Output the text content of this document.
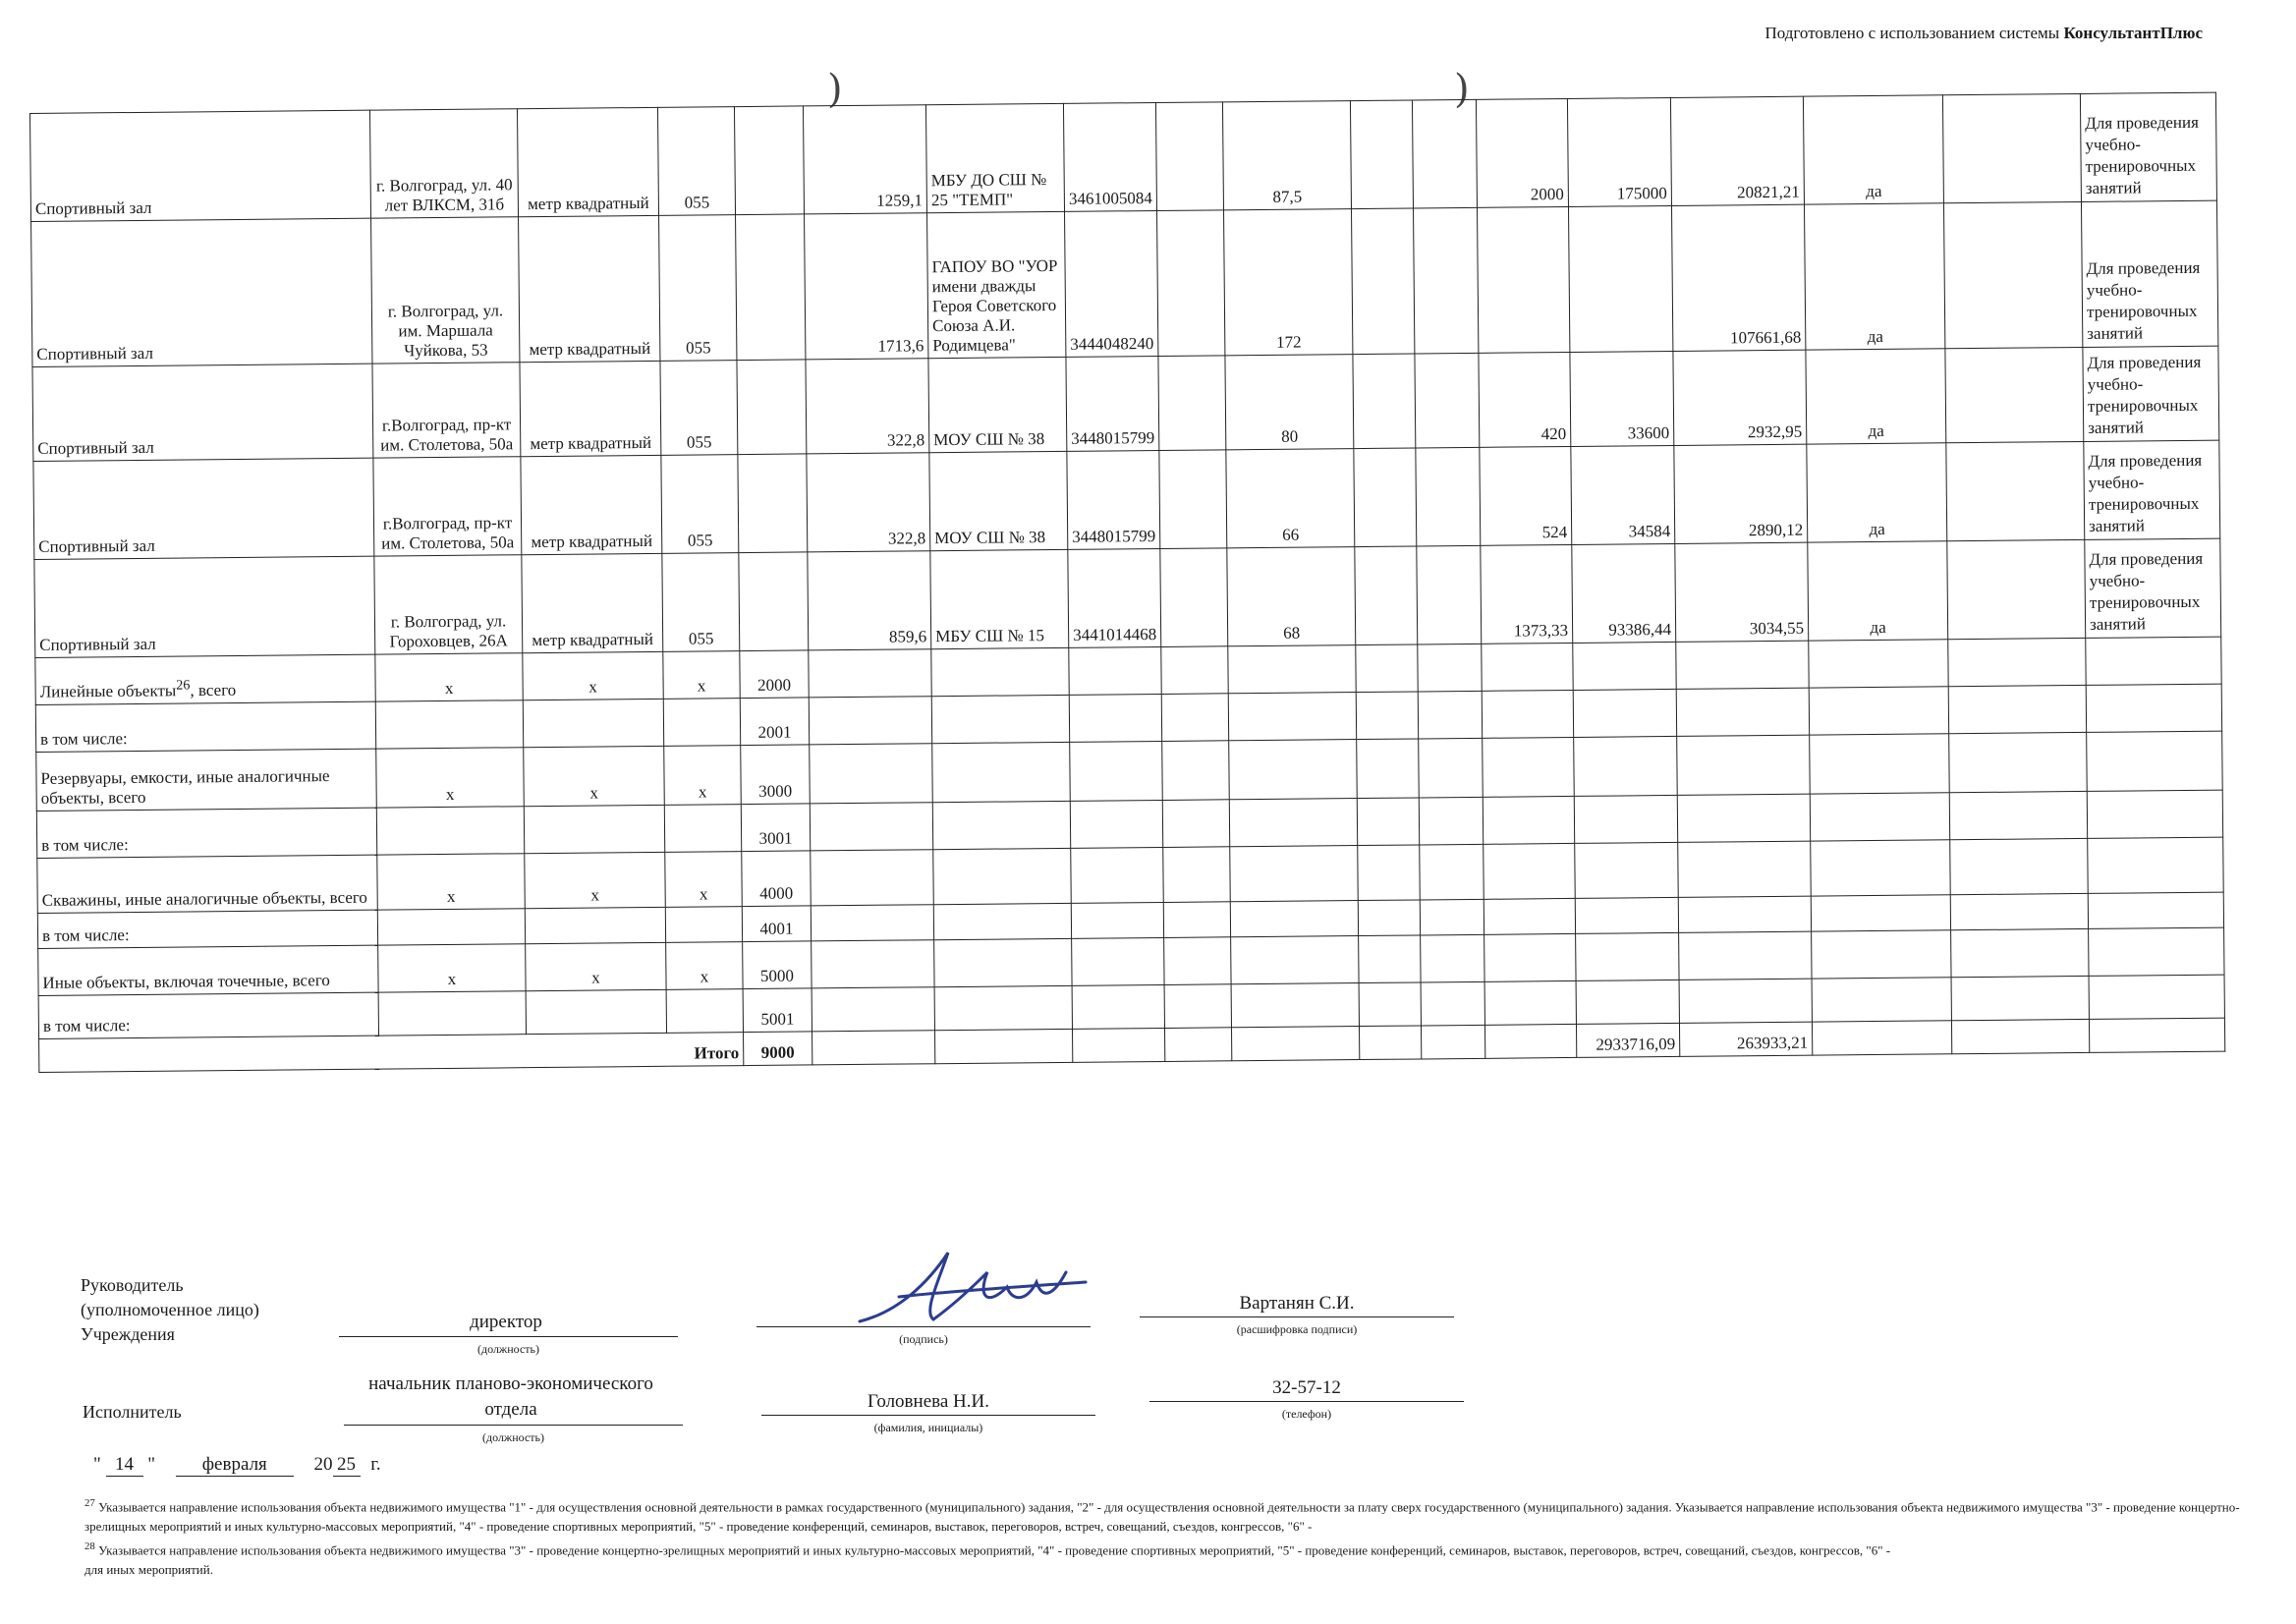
Подготовлено с использованием системы КонсультантПлюс
)	)
Спортивный зал	г. Волгоград, ул. 40 лет ВЛКСМ, 31б	метр квадратный	055		1259,1	МБУ ДО СШ № 25 "ТЕМП"	3461005084		87,5			2000	175000	20821,21	да		Для проведения учебно-тренировочных занятий
Спортивный зал	г. Волгоград, ул. им. Маршала Чуйкова, 53	метр квадратный	055		1713,6	ГАПОУ ВО "УОР имени дважды Героя Советского Союза А.И. Родимцева"	3444048240		172					107661,68	да		Для проведения учебно-тренировочных занятий
Спортивный зал	г.Волгоград, пр-кт им. Столетова, 50а	метр квадратный	055		322,8	МОУ СШ № 38	3448015799		80			420	33600	2932,95	да		Для проведения учебно-тренировочных занятий
Спортивный зал	г.Волгоград, пр-кт им. Столетова, 50а	метр квадратный	055		322,8	МОУ СШ № 38	3448015799		66			524	34584	2890,12	да		Для проведения учебно-тренировочных занятий
Спортивный зал	г. Волгоград, ул. Гороховцев, 26А	метр квадратный	055		859,6	МБУ СШ № 15	3441014468		68			1373,33	93386,44	3034,55	да		Для проведения учебно-тренировочных занятий
Линейные объекты$^{26}$, всего	х	х	х	2000													
в том числе:				2001													
Резервуары, емкости, иные аналогичные объекты, всего	х	х	х	3000													
в том числе:				3001													
Скважины, иные аналогичные объекты, всего	х	х	х	4000													
в том числе:				4001													
Иные объекты, включая точечные, всего	х	х	х	5000													
в том числе:				5001													
Итого				9000									2933716,09	263933,21			
Руководитель
(уполномоченное лицо)
Учреждения
директор
(должность)
(подпись)
Вартанян С.И.
(расшифровка подписи)
Исполнитель
начальник планово-экономического отдела
(должность)
Головнева Н.И.
(фамилия, инициалы)
32-57-12
(телефон)
" 14 "	февраля	20 25 г.
$^{27}$ Указывается направление использования объекта недвижимого имущества "1" - для осуществления основной деятельности в рамках государственного (муниципального) задания, "2" - для осуществления основной деятельности за плату сверх государственного (муниципального) задания. Указывается направление использования объекта недвижимого имущества "3" - проведение концертно-зрелищных мероприятий и иных культурно-массовых мероприятий, "4" - проведение спортивных мероприятий, "5" - проведение конференций, семинаров, выставок, переговоров, встреч, совещаний, съездов, конгрессов, "6" -
$^{28}$ Указывается направление использования объекта недвижимого имущества "3" - проведение концертно-зрелищных мероприятий и иных культурно-массовых мероприятий, "4" - проведение спортивных мероприятий, "5" - проведение конференций, семинаров, выставок, переговоров, встреч, совещаний, съездов, конгрессов, "6" -
для иных мероприятий.
